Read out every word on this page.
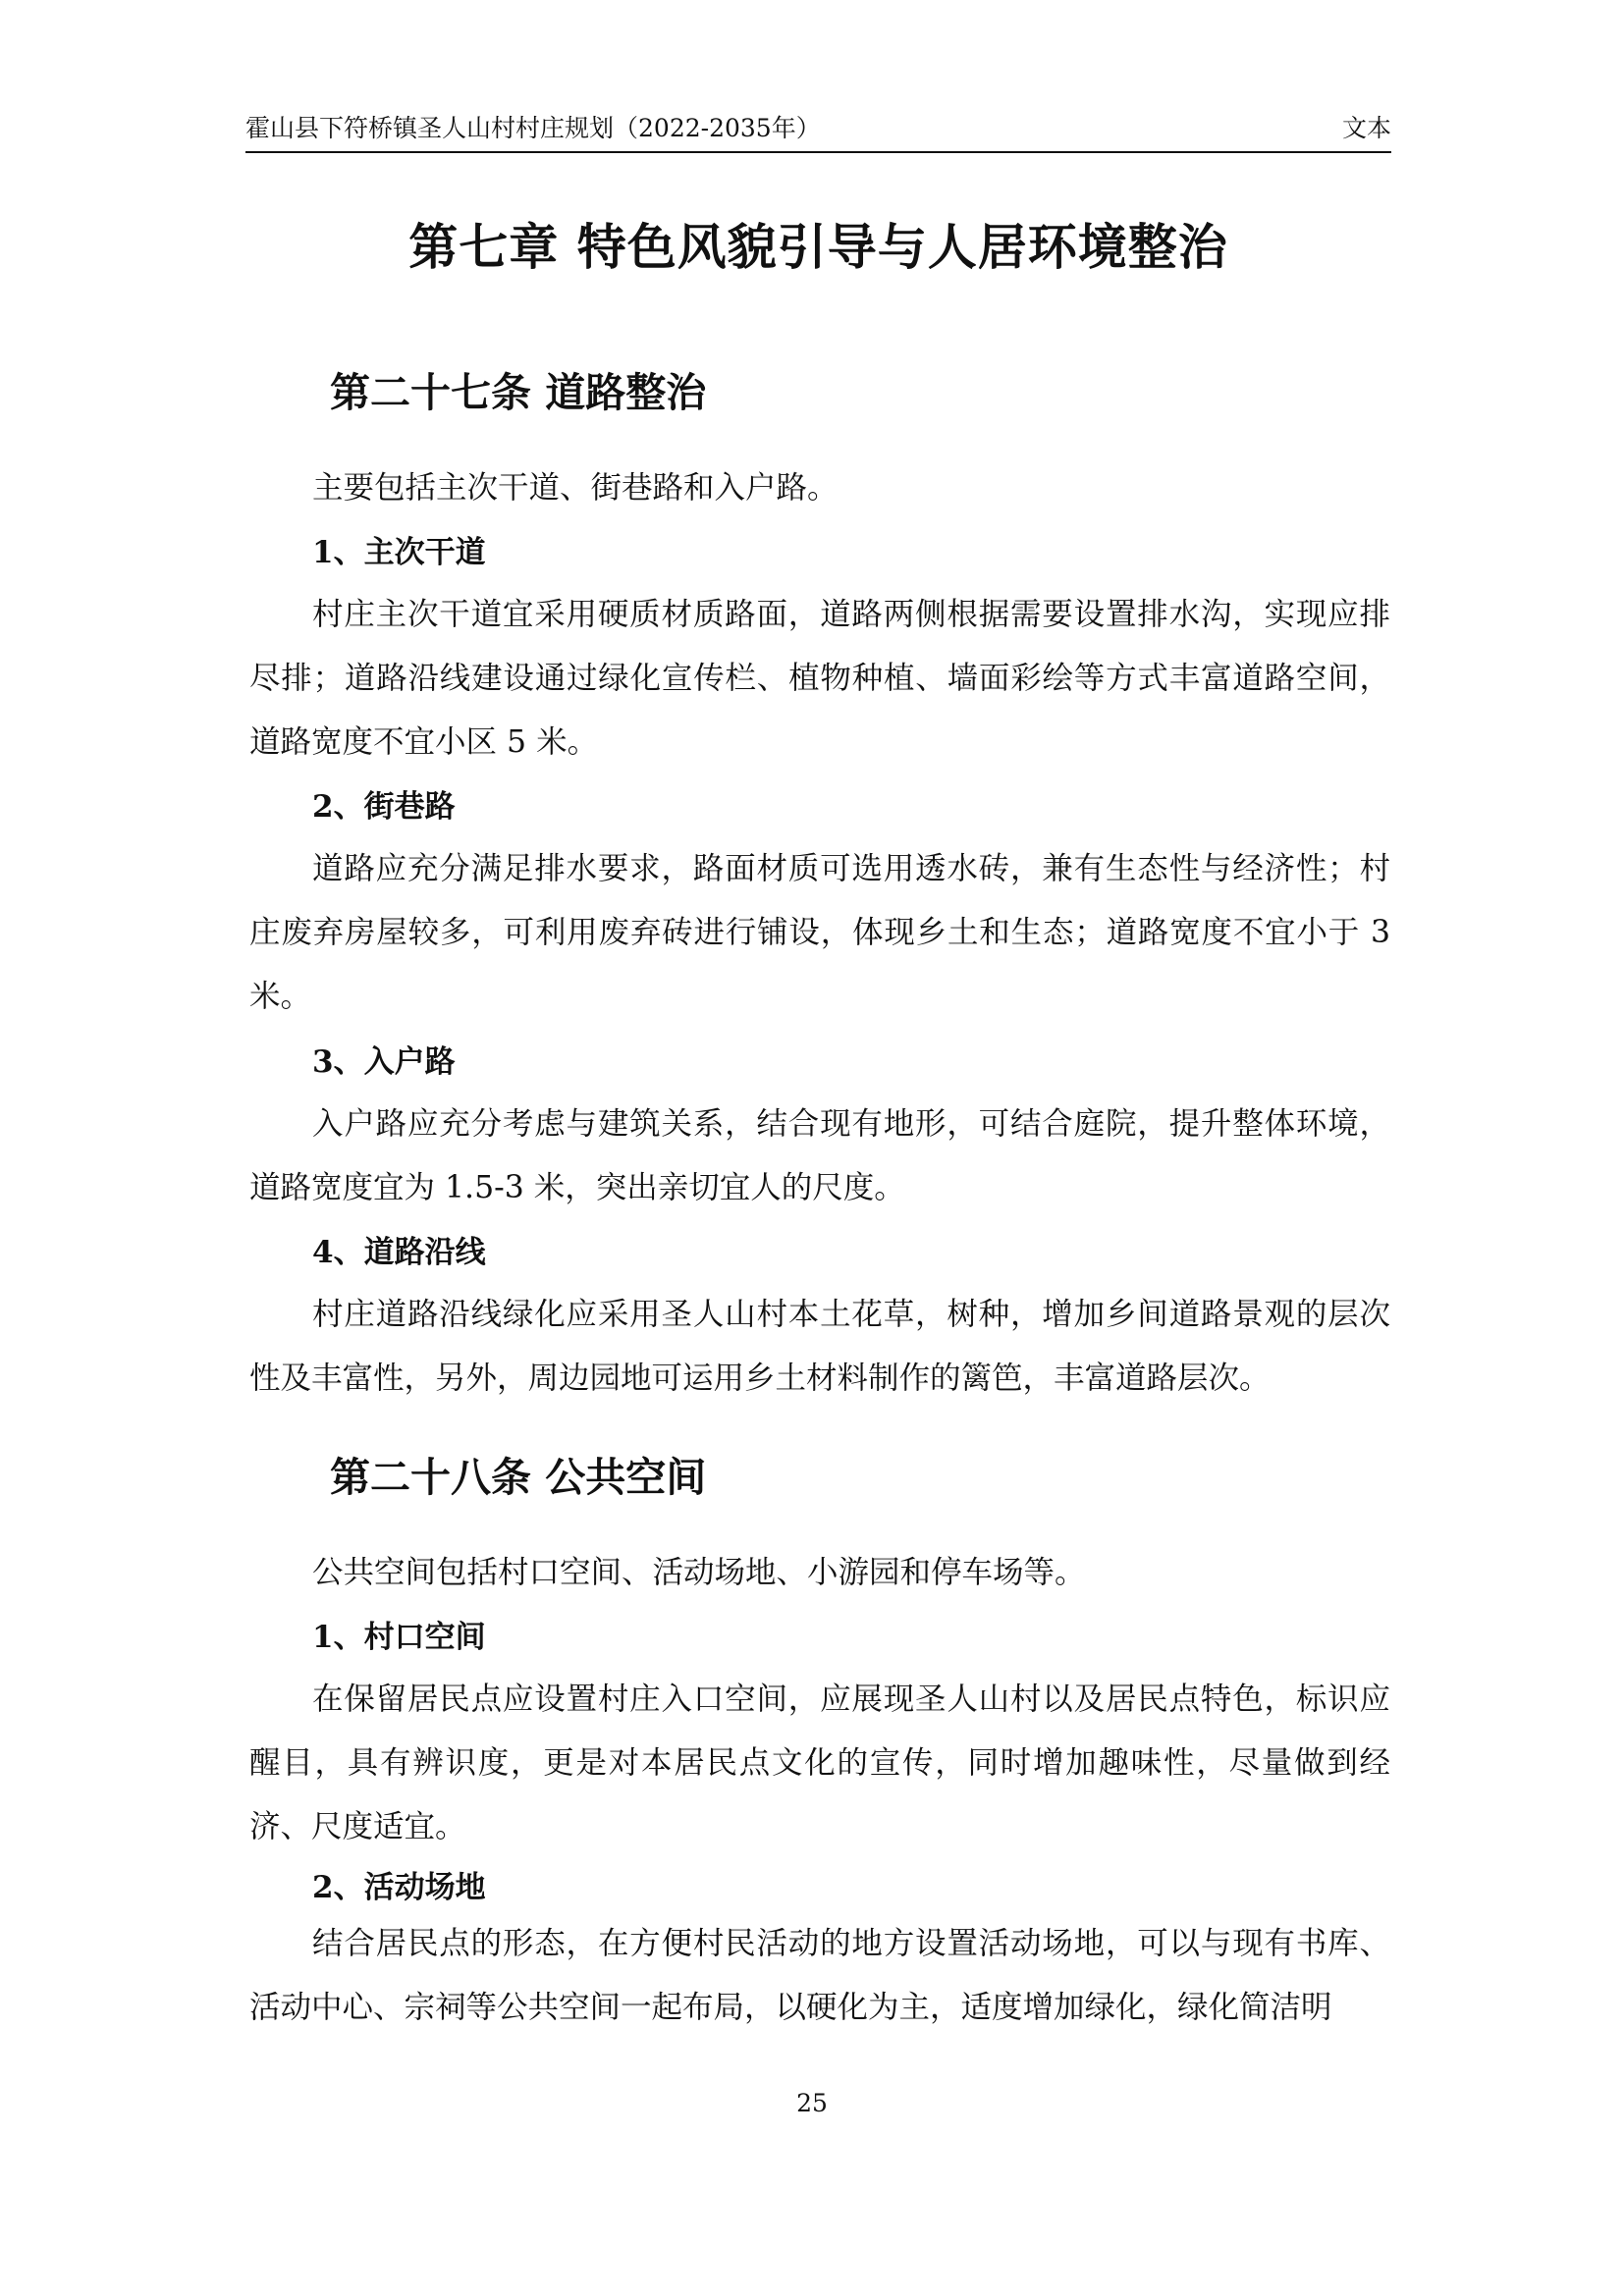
霍山县下符桥镇圣人山村村庄规划（2022-2035年）	文本
第七章 特色风貌引导与人居环境整治
第二十七条 道路整治
主要包括主次干道、街巷路和入户路。
1、主次干道
村庄主次干道宜采用硬质材质路面，道路两侧根据需要设置排水沟，实现应排尽排；道路沿线建设通过绿化宣传栏、植物种植、墙面彩绘等方式丰富道路空间，道路宽度不宜小区 5 米。
2、街巷路
道路应充分满足排水要求，路面材质可选用透水砖，兼有生态性与经济性；村庄废弃房屋较多，可利用废弃砖进行铺设，体现乡土和生态；道路宽度不宜小于 3 米。
3、入户路
入户路应充分考虑与建筑关系，结合现有地形，可结合庭院，提升整体环境，道路宽度宜为 1.5-3 米，突出亲切宜人的尺度。
4、道路沿线
村庄道路沿线绿化应采用圣人山村本土花草，树种，增加乡间道路景观的层次性及丰富性，另外，周边园地可运用乡土材料制作的篱笆，丰富道路层次。
第二十八条 公共空间
公共空间包括村口空间、活动场地、小游园和停车场等。
1、村口空间
在保留居民点应设置村庄入口空间，应展现圣人山村以及居民点特色，标识应醒目，具有辨识度，更是对本居民点文化的宣传，同时增加趣味性，尽量做到经济、尺度适宜。
2、活动场地
结合居民点的形态，在方便村民活动的地方设置活动场地，可以与现有书库、活动中心、宗祠等公共空间一起布局，以硬化为主，适度增加绿化，绿化简洁明
25
